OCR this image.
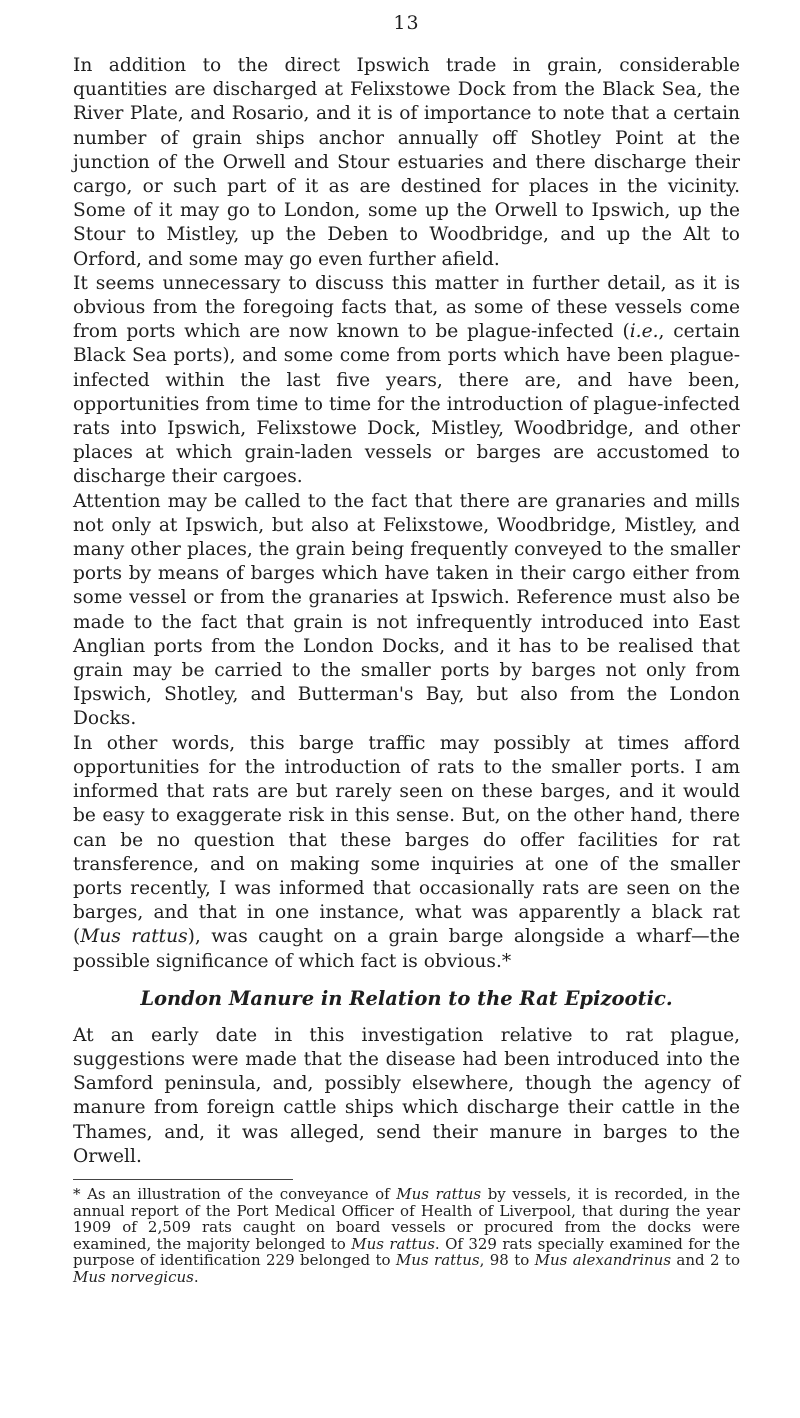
13

In addition to the direct Ipswich trade in grain, considerable quantities are discharged at Felixstowe Dock from the Black Sea, the River Plate, and Rosario, and it is of importance to note that a certain number of grain ships anchor annually off Shotley Point at the junction of the Orwell and Stour estuaries and there discharge their cargo, or such part of it as are destined for places in the vicinity. Some of it may go to London, some up the Orwell to Ipswich, up the Stour to Mistley, up the Deben to Woodbridge, and up the Alt to Orford, and some may go even further afield.

It seems unnecessary to discuss this matter in further detail, as it is obvious from the foregoing facts that, as some of these vessels come from ports which are now known to be plague-infected (i.e., certain Black Sea ports), and some come from ports which have been plague-infected within the last five years, there are, and have been, opportunities from time to time for the introduction of plague-infected rats into Ipswich, Felixstowe Dock, Mistley, Woodbridge, and other places at which grain-laden vessels or barges are accustomed to discharge their cargoes.

Attention may be called to the fact that there are granaries and mills not only at Ipswich, but also at Felixstowe, Woodbridge, Mistley, and many other places, the grain being frequently conveyed to the smaller ports by means of barges which have taken in their cargo either from some vessel or from the granaries at Ipswich. Reference must also be made to the fact that grain is not infrequently introduced into East Anglian ports from the London Docks, and it has to be realised that grain may be carried to the smaller ports by barges not only from Ipswich, Shotley, and Butterman's Bay, but also from the London Docks.

In other words, this barge traffic may possibly at times afford opportunities for the introduction of rats to the smaller ports. I am informed that rats are but rarely seen on these barges, and it would be easy to exaggerate risk in this sense. But, on the other hand, there can be no question that these barges do offer facilities for rat transference, and on making some inquiries at one of the smaller ports recently, I was informed that occasionally rats are seen on the barges, and that in one instance, what was apparently a black rat (Mus rattus), was caught on a grain barge alongside a wharf—the possible significance of which fact is obvious.*

London Manure in Relation to the Rat Epizootic.

At an early date in this investigation relative to rat plague, suggestions were made that the disease had been introduced into the Samford peninsula, and, possibly elsewhere, though the agency of manure from foreign cattle ships which discharge their cattle in the Thames, and, it was alleged, send their manure in barges to the Orwell.

* As an illustration of the conveyance of Mus rattus by vessels, it is recorded, in the annual report of the Port Medical Officer of Health of Liverpool, that during the year 1909 of 2,509 rats caught on board vessels or procured from the docks were examined, the majority belonged to Mus rattus. Of 329 rats specially examined for the purpose of identification 229 belonged to Mus rattus, 98 to Mus alexandrinus and 2 to Mus norvegicus.
